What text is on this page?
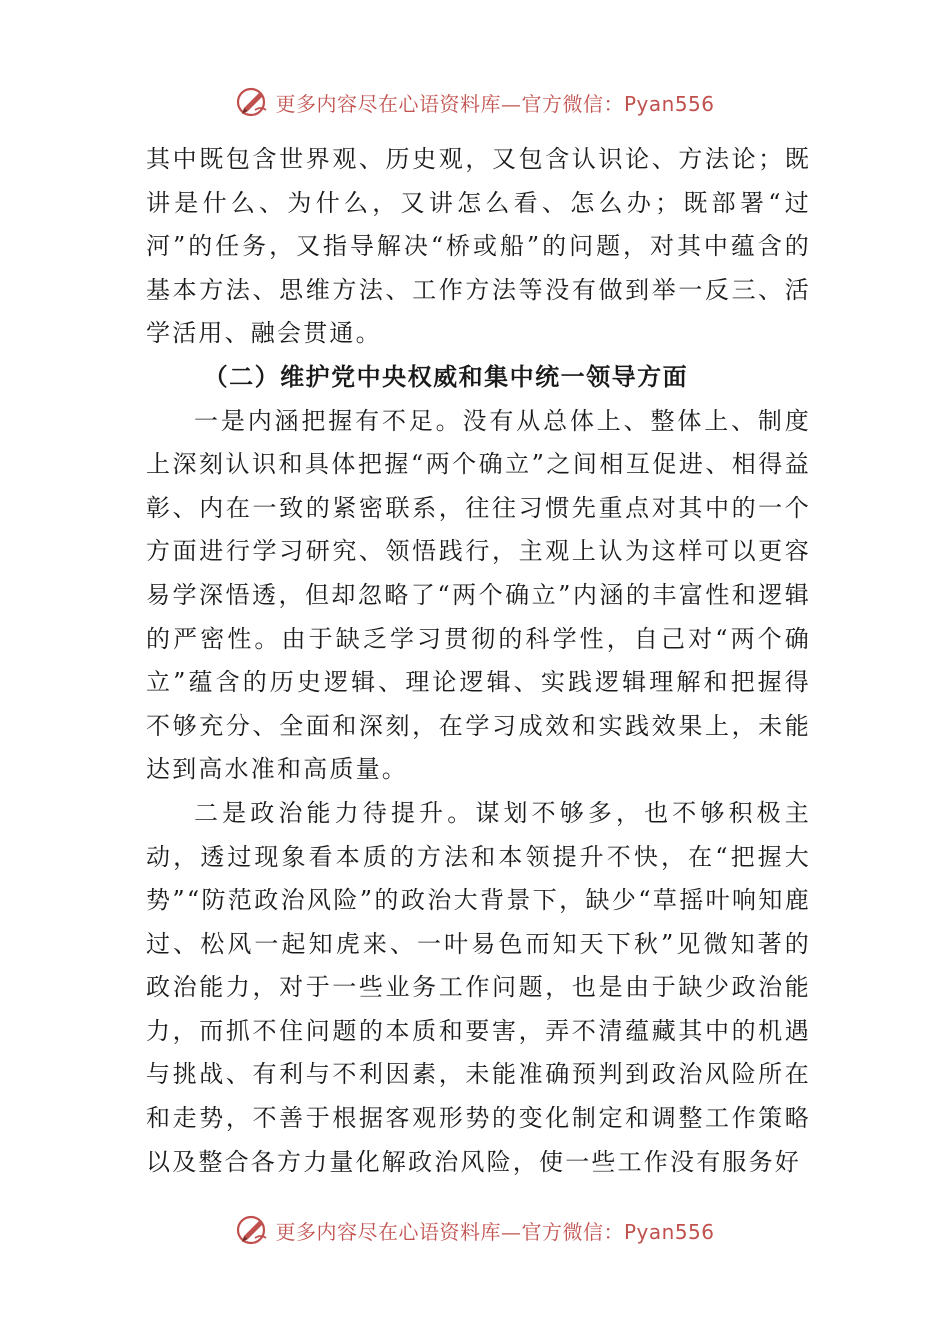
更多内容尽在心语资料库—官方微信：Pyan556

其中既包含世界观、历史观，又包含认识论、方法论；既讲是什么、为什么，又讲怎么看、怎么办；既部署“过河”的任务，又指导解决“桥或船”的问题，对其中蕴含的基本方法、思维方法、工作方法等没有做到举一反三、活学活用、融会贯通。

（二）维护党中央权威和集中统一领导方面

一是内涵把握有不足。没有从总体上、整体上、制度上深刻认识和具体把握“两个确立”之间相互促进、相得益彰、内在一致的紧密联系，往往习惯先重点对其中的一个方面进行学习研究、领悟践行，主观上认为这样可以更容易学深悟透，但却忽略了“两个确立”内涵的丰富性和逻辑的严密性。由于缺乏学习贯彻的科学性，自己对“两个确立”蕴含的历史逻辑、理论逻辑、实践逻辑理解和把握得不够充分、全面和深刻，在学习成效和实践效果上，未能达到高水准和高质量。

二是政治能力待提升。谋划不够多，也不够积极主动，透过现象看本质的方法和本领提升不快，在“把握大势”“防范政治风险”的政治大背景下，缺少“草摇叶响知鹿过、松风一起知虎来、一叶易色而知天下秋”见微知著的政治能力，对于一些业务工作问题，也是由于缺少政治能力，而抓不住问题的本质和要害，弄不清蕴藏其中的机遇与挑战、有利与不利因素，未能准确预判到政治风险所在和走势，不善于根据客观形势的变化制定和调整工作策略以及整合各方力量化解政治风险，使一些工作没有服务好

更多内容尽在心语资料库—官方微信：Pyan556
